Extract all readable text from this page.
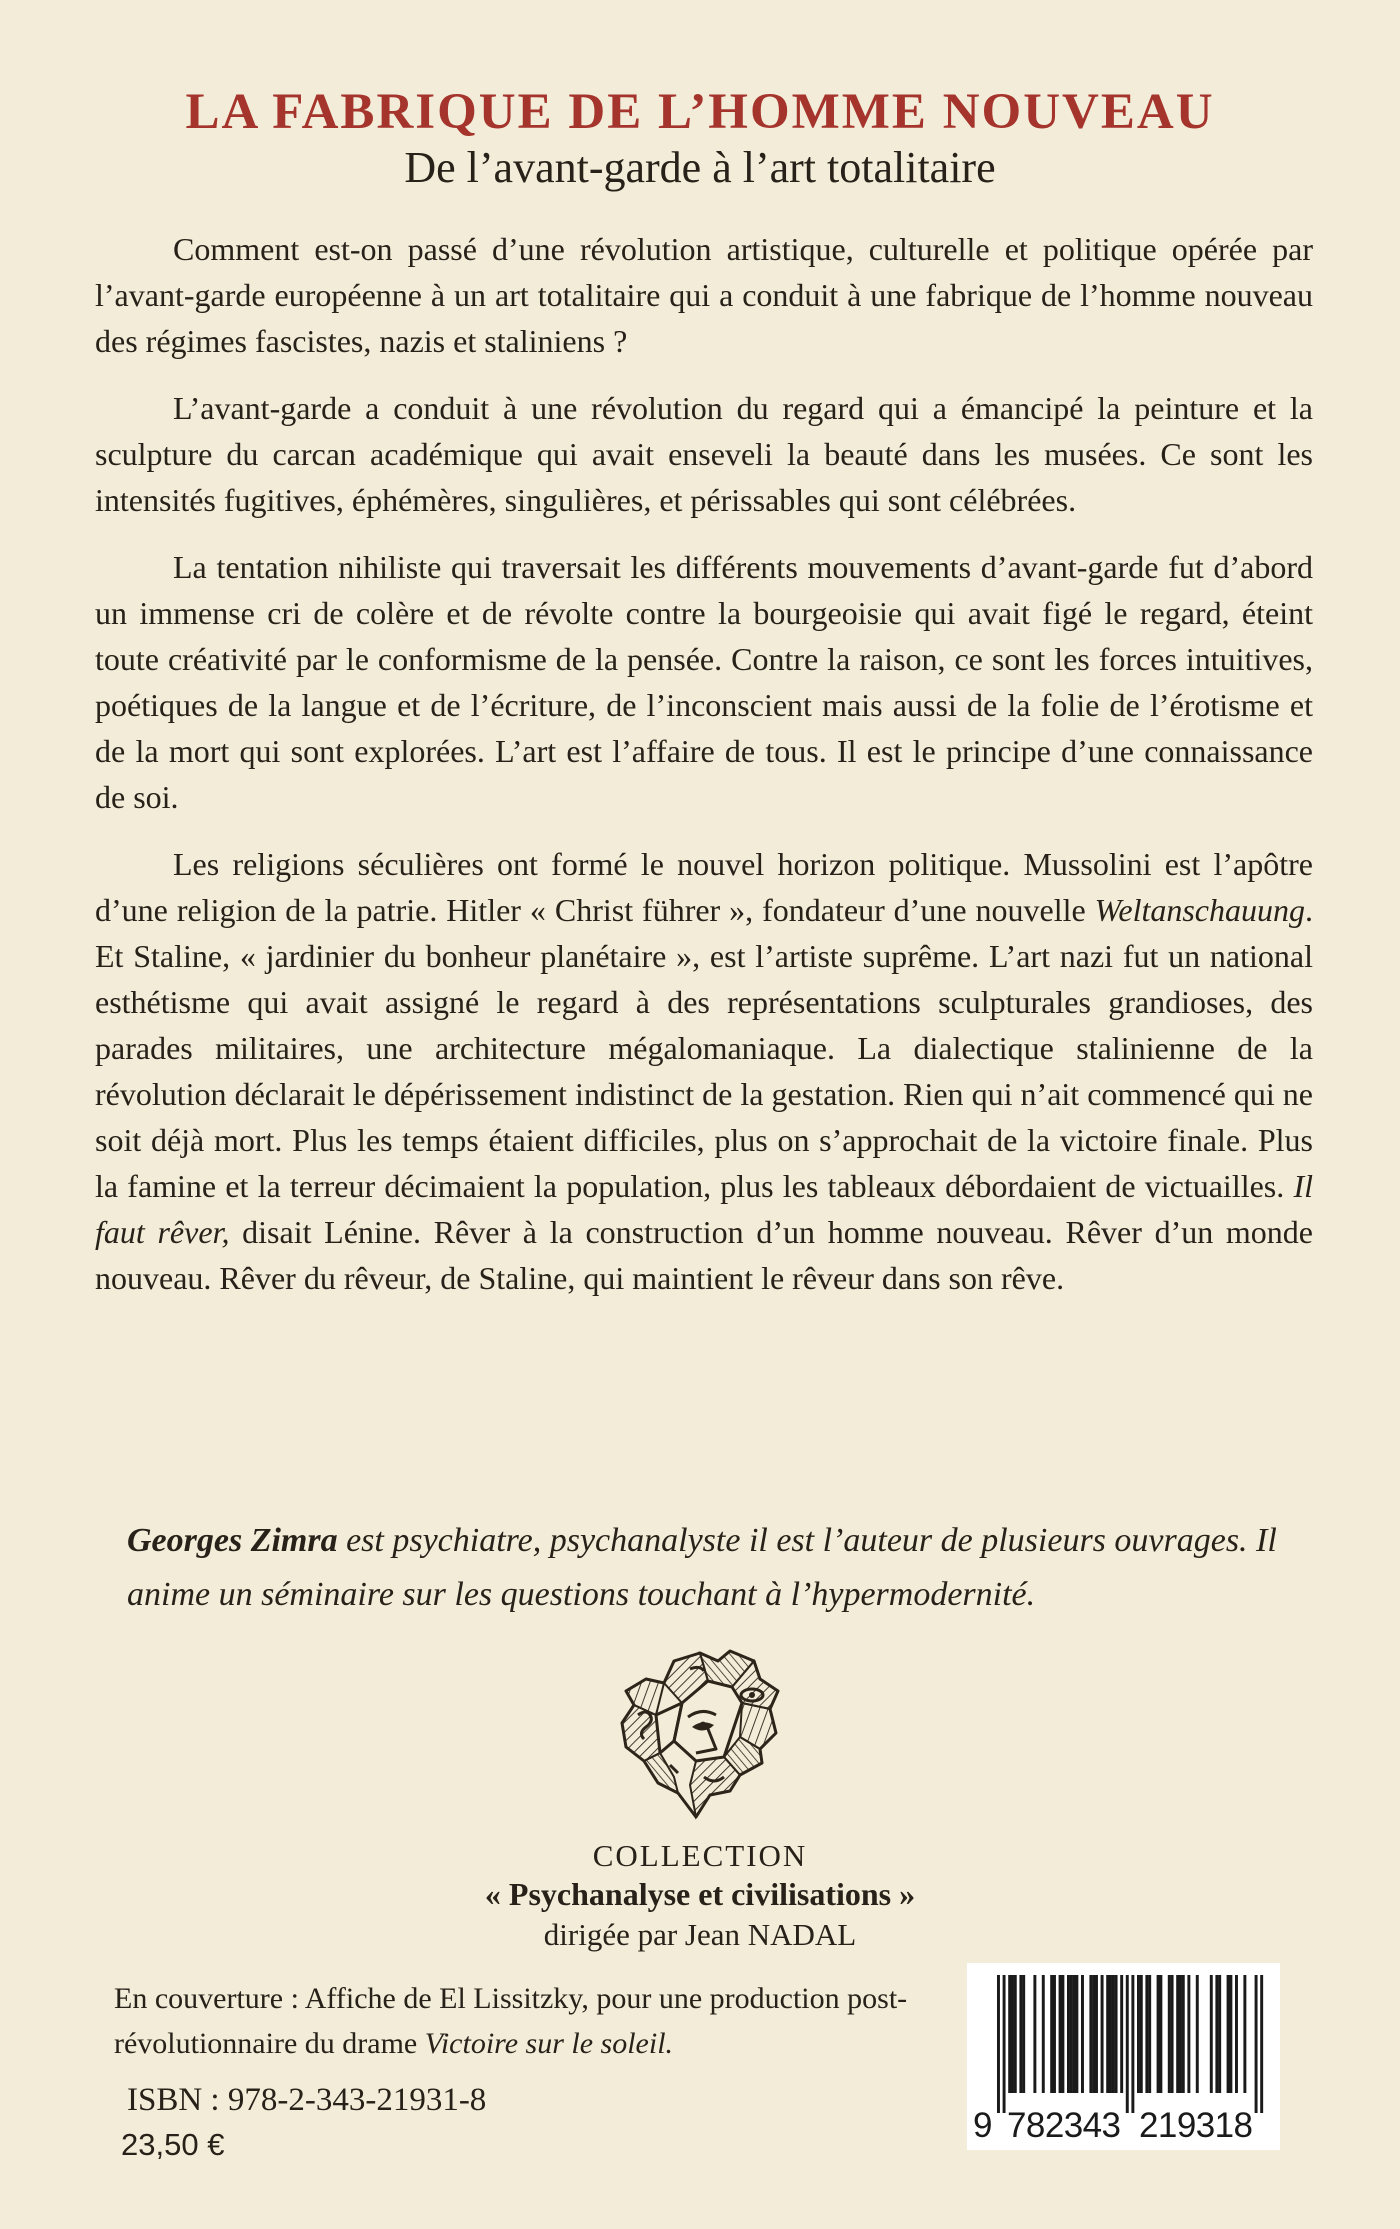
LA FABRIQUE DE L’HOMME NOUVEAU
De l’avant-garde à l’art totalitaire

Comment est-on passé d’une révolution artistique, culturelle et politique opérée par l’avant-garde européenne à un art totalitaire qui a conduit à une fabrique de l’homme nouveau des régimes fascistes, nazis et staliniens ?

L’avant-garde a conduit à une révolution du regard qui a émancipé la peinture et la sculpture du carcan académique qui avait enseveli la beauté dans les musées. Ce sont les intensités fugitives, éphémères, singulières, et périssables qui sont célébrées.

La tentation nihiliste qui traversait les différents mouvements d’avant-garde fut d’abord un immense cri de colère et de révolte contre la bourgeoisie qui avait figé le regard, éteint toute créativité par le conformisme de la pensée. Contre la raison, ce sont les forces intuitives, poétiques de la langue et de l’écriture, de l’inconscient mais aussi de la folie de l’érotisme et de la mort qui sont explorées. L’art est l’affaire de tous. Il est le principe d’une connaissance de soi.

Les religions séculières ont formé le nouvel horizon politique. Mussolini est l’apôtre d’une religion de la patrie. Hitler « Christ führer », fondateur d’une nouvelle Weltanschauung. Et Staline, « jardinier du bonheur planétaire », est l’artiste suprême. L’art nazi fut un national esthétisme qui avait assigné le regard à des représentations sculpturales grandioses, des parades militaires, une architecture mégalomaniaque. La dialectique stalinienne de la révolution déclarait le dépérissement indistinct de la gestation. Rien qui n’ait commencé qui ne soit déjà mort. Plus les temps étaient difficiles, plus on s’approchait de la victoire finale. Plus la famine et la terreur décimaient la population, plus les tableaux débordaient de victuailles. Il faut rêver, disait Lénine. Rêver à la construction d’un homme nouveau. Rêver d’un monde nouveau. Rêver du rêveur, de Staline, qui maintient le rêveur dans son rêve.

Georges Zimra est psychiatre, psychanalyste il est l’auteur de plusieurs ouvrages. Il anime un séminaire sur les questions touchant à l’hypermodernité.
COLLECTION
« Psychanalyse et civilisations »
dirigée par Jean NADAL
En couverture : Affiche de El Lissitzky, pour une production post-révolutionnaire du drame Victoire sur le soleil.
ISBN : 978-2-343-21931-8
23,50 €	9 782343 219318
